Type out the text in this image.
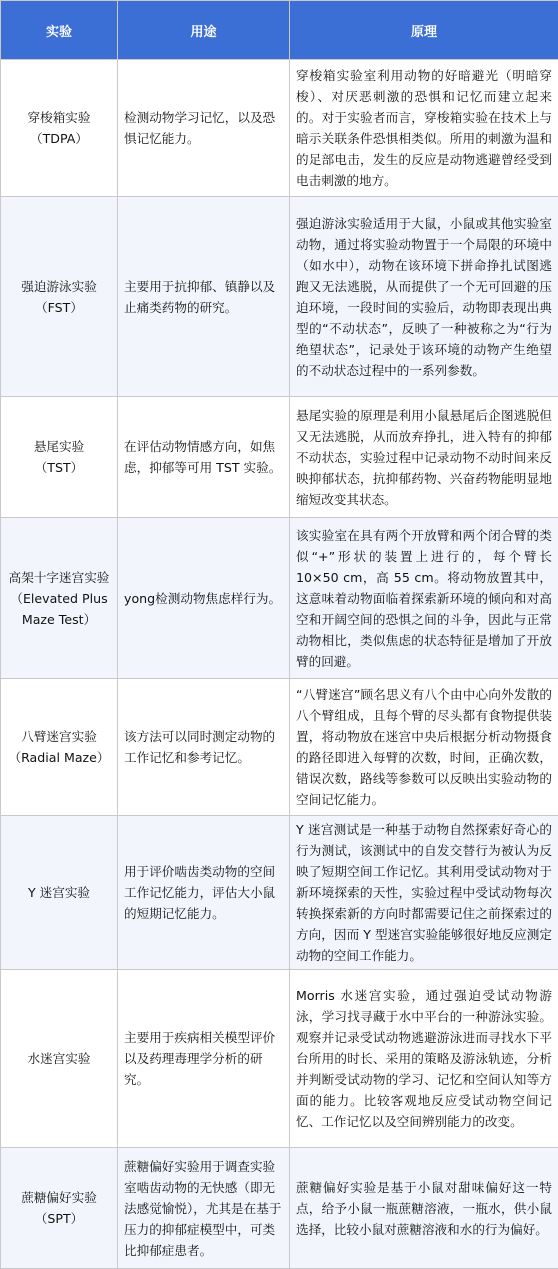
实验	用途	原理

穿梭箱实验
（TDPA）	检测动物学习记忆，以及恐惧记忆能力。	穿梭箱实验室利用动物的好暗避光（明暗穿梭）、对厌恶刺激的恐惧和记忆而建立起来的。对于实验者而言，穿梭箱实验在技术上与暗示关联条件恐惧相类似。所用的刺激为温和的足部电击，发生的反应是动物逃避曾经受到电击刺激的地方。

强迫游泳实验
（FST）	主要用于抗抑郁、镇静以及止痛类药物的研究。	强迫游泳实验适用于大鼠，小鼠或其他实验室动物，通过将实验动物置于一个局限的环境中（如水中），动物在该环境下拼命挣扎试图逃跑又无法逃脱，从而提供了一个无可回避的压迫环境，一段时间的实验后，动物即表现出典型的“不动状态”，反映了一种被称之为“行为绝望状态”，记录处于该环境的动物产生绝望的不动状态过程中的一系列参数。

悬尾实验
（TST）	在评估动物情感方向，如焦虑，抑郁等可用 TST 实验。	悬尾实验的原理是利用小鼠悬尾后企图逃脱但又无法逃脱，从而放弃挣扎，进入特有的抑郁不动状态，实验过程中记录动物不动时间来反映抑郁状态，抗抑郁药物、兴奋药物能明显地缩短改变其状态。

高架十字迷宫实验（Elevated Plus Maze Test）	yong检测动物焦虑样行为。	该实验室在具有两个开放臂和两个闭合臂的类似“+”形状的装置上进行的，每个臂长 10×50 cm，高 55 cm。将动物放置其中，这意味着动物面临着探索新环境的倾向和对高空和开阔空间的恐惧之间的斗争，因此与正常动物相比，类似焦虑的状态特征是增加了开放臂的回避。

八臂迷宫实验
（Radial Maze）	该方法可以同时测定动物的工作记忆和参考记忆。	“八臂迷宫”顾名思义有八个由中心向外发散的八个臂组成，且每个臂的尽头都有食物提供装置，将动物放在迷宫中央后根据分析动物摄食的路径即进入每臂的次数，时间，正确次数，错误次数，路线等参数可以反映出实验动物的空间记忆能力。

Y 迷宫实验	用于评价啮齿类动物的空间工作记忆能力，评估大小鼠的短期记忆能力。	Y 迷宫测试是一种基于动物自然探索好奇心的行为测试，该测试中的自发交替行为被认为反映了短期空间工作记忆。其利用受试动物对于新环境探索的天性，实验过程中受试动物每次转换探索新的方向时都需要记住之前探索过的方向，因而 Y 型迷宫实验能够很好地反应测定动物的空间工作能力。

水迷宫实验	主要用于疾病相关模型评价以及药理毒理学分析的研究。	Morris 水迷宫实验，通过强迫受试动物游泳，学习找寻藏于水中平台的一种游泳实验。观察并记录受试动物逃避游泳进而寻找水下平台所用的时长、采用的策略及游泳轨迹，分析并判断受试动物的学习、记忆和空间认知等方面的能力。比较客观地反应受试动物空间记忆、工作记忆以及空间辨别能力的改变。

蔗糖偏好实验
（SPT）	蔗糖偏好实验用于调查实验室啮齿动物的无快感（即无法感觉愉悦），尤其是在基于压力的抑郁症模型中，可类比抑郁症患者。	蔗糖偏好实验是基于小鼠对甜味偏好这一特点，给予小鼠一瓶蔗糖溶液，一瓶水，供小鼠选择，比较小鼠对蔗糖溶液和水的行为偏好。
